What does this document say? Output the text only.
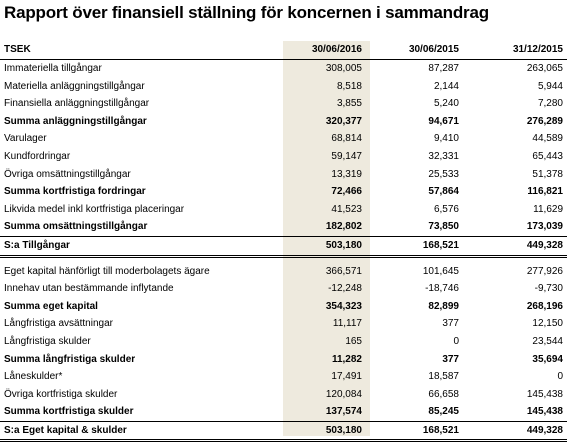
Rapport över finansiell ställning för koncernen i sammandrag
TSEK	30/06/2016	30/06/2015	31/12/2015
Immateriella tillgångar	308,005	87,287	263,065
Materiella anläggningstillgångar	8,518	2,144	5,944
Finansiella anläggningstillgångar	3,855	5,240	7,280
Summa anläggningstillgångar	320,377	94,671	276,289
Varulager	68,814	9,410	44,589
Kundfordringar	59,147	32,331	65,443
Övriga omsättningstillgångar	13,319	25,533	51,378
Summa kortfristiga fordringar	72,466	57,864	116,821
Likvida medel inkl kortfristiga placeringar	41,523	6,576	11,629
Summa omsättningstillgångar	182,802	73,850	173,039
S:a Tillgångar	503,180	168,521	449,328
Eget kapital hänförligt till moderbolagets ägare	366,571	101,645	277,926
Innehav utan bestämmande inflytande	-12,248	-18,746	-9,730
Summa eget kapital	354,323	82,899	268,196
Långfristiga avsättningar	11,117	377	12,150
Långfristiga skulder	165	0	23,544
Summa långfristiga skulder	11,282	377	35,694
Låneskulder*	17,491	18,587	0
Övriga kortfristiga skulder	120,084	66,658	145,438
Summa kortfristiga skulder	137,574	85,245	145,438
S:a Eget kapital & skulder	503,180	168,521	449,328
